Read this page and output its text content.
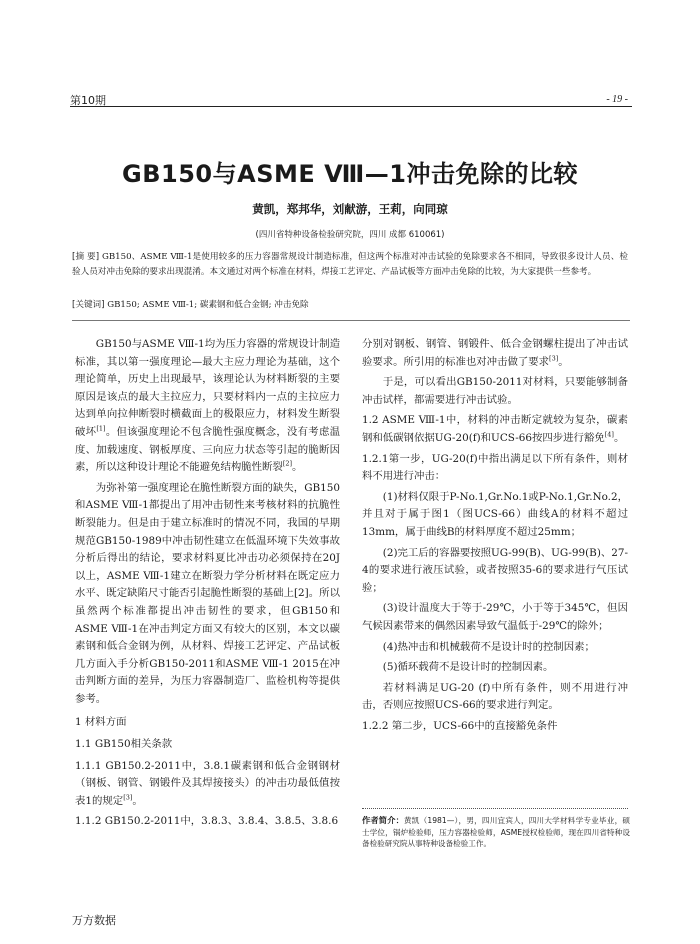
第10期	- 19 -
GB150与ASME Ⅷ—1冲击免除的比较
黄凯，郑邦华，刘献游，王莉，向同琼
(四川省特种设备检验研究院，四川 成都 610061)
[摘 要] GB150、ASME Ⅷ-1是使用较多的压力容器常规设计制造标准，但这两个标准对冲击试验的免除要求各不相同，导致很多设计人员、检验人员对冲击免除的要求出现混淆。本文通过对两个标准在材料，焊接工艺评定、产品试板等方面冲击免除的比较，为大家提供一些参考。
[关键词] GB150; ASME Ⅷ-1; 碳素钢和低合金钢; 冲击免除

GB150与ASME Ⅷ-1均为压力容器的常规设计制造标准，其以第一强度理论—最大主应力理论为基础，这个理论简单，历史上出现最早，该理论认为材料断裂的主要原因是该点的最大主拉应力，只要材料内一点的主拉应力达到单向拉伸断裂时横截面上的极限应力，材料发生断裂破坏[1]。但该强度理论不包含脆性强度概念，没有考虑温度、加载速度、钢板厚度、三向应力状态等引起的脆断因素，所以这种设计理论不能避免结构脆性断裂[2]。

为弥补第一强度理论在脆性断裂方面的缺失，GB150和ASME Ⅷ-1都提出了用冲击韧性来考核材料的抗脆性断裂能力。但是由于建立标准时的情况不同，我国的早期规范GB150-1989中冲击韧性建立在低温环境下失效事故分析后得出的结论，要求材料夏比冲击功必须保持在20J以上，ASME Ⅷ-1建立在断裂力学分析材料在既定应力水平、既定缺陷尺寸能否引起脆性断裂的基础上[2]。所以虽然两个标准都提出冲击韧性的要求，但GB150和ASME Ⅷ-1在冲击判定方面又有较大的区别，本文以碳素钢和低合金钢为例，从材料、焊接工艺评定、产品试板几方面入手分析GB150-2011和ASME Ⅷ-1 2015在冲击判断方面的差异，为压力容器制造厂、监检机构等提供参考。

1 材料方面

1.1 GB150相关条款

1.1.1 GB150.2-2011中，3.8.1碳素钢和低合金钢钢材（钢板、钢管、钢锻件及其焊接接头）的冲击功最低值按表1的规定[3]。

1.1.2 GB150.2-2011中，3.8.3、3.8.4、3.8.5、3.8.6

分别对钢板、钢管、钢锻件、低合金钢螺柱提出了冲击试验要求。所引用的标准也对冲击做了要求[3]。

于是，可以看出GB150-2011对材料，只要能够制备冲击试样，都需要进行冲击试验。

1.2 ASME Ⅷ-1中，材料的冲击断定就较为复杂，碳素钢和低碳钢依据UG-20(f)和UCS-66按四步进行豁免[4]。

1.2.1第一步，UG-20(f)中指出满足以下所有条件，则材料不用进行冲击：

(1)材料仅限于P-No.1,Gr.No.1或P-No.1,Gr.No.2，并且对于属于图1（图UCS-66）曲线A的材料不超过13mm，属于曲线B的材料厚度不超过25mm；

(2)完工后的容器要按照UG-99(B)、UG-99(B)、27-4的要求进行液压试验，或者按照35-6的要求进行气压试验；

(3)设计温度大于等于-29℃，小于等于345℃，但因气候因素带来的偶然因素导致气温低于-29℃的除外；

(4)热冲击和机械载荷不是设计时的控制因素；

(5)循环载荷不是设计时的控制因素。

若材料满足UG-20 (f)中所有条件，则不用进行冲击，否则应按照UCS-66的要求进行判定。

1.2.2 第二步，UCS-66中的直接豁免条件

作者简介：黄凯（1981—），男，四川宜宾人，四川大学材料学专业毕业，硕士学位，锅炉检验师，压力容器检验师，ASME授权检验师，现在四川省特种设备检验研究院从事特种设备检验工作。
万方数据
